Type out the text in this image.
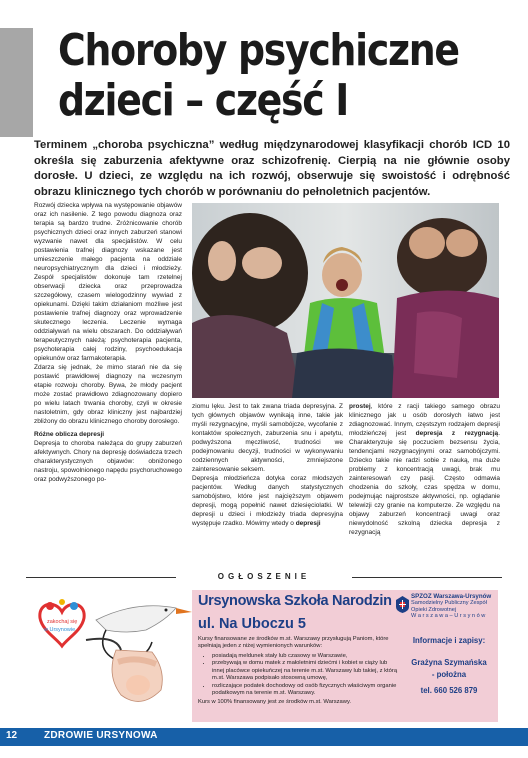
Choroby psychiczne
dzieci – część I

Terminem „choroba psychiczna” według międzynarodowej klasyfikacji chorób ICD 10 określa się zaburzenia afektywne oraz schizofrenię. Cierpią na nie głównie osoby dorosłe. U dzieci, ze względu na ich rozwój, obserwuje się swoistość i odrębność obrazu klinicznego tych chorób w porównaniu do pełnoletnich pacjentów.

Rozwój dziecka wpływa na występowanie objawów oraz ich nasilenie. Z tego powodu diagnoza oraz terapia są bardzo trudne. Zróżnicowanie chorób psychicznych dzieci oraz innych zaburzeń stanowi wyzwanie nawet dla specjalistów. W celu postawienia trafnej diagnozy wskazane jest umieszczenie małego pacjenta na oddziale neuropsychiatrycznym dla dzieci i młodzieży. Zespół specjalistów dokonuje tam rzetelnej obserwacji dziecka oraz przeprowadza szczegółowy, czasem wielogodzinny wywiad z opiekunami. Dzięki takim działaniom możliwe jest postawienie trafnej diagnozy oraz wprowadzenie skutecznego leczenia. Leczenie wymaga oddziaływań na wielu obszarach. Do oddziaływań terapeutycznych należą: psychoterapia pacjenta, psychoterapia całej rodziny, psychoedukacja opiekunów oraz farmakoterapia.

Zdarza się jednak, że mimo starań nie da się postawić prawidłowej diagnozy na wczesnym etapie rozwoju choroby. Bywa, że młody pacjent może zostać prawidłowo zdiagnozowany dopiero po wielu latach trwania choroby, czyli w okresie nastoletnim, gdy obraz kliniczny jest najbardziej zbliżony do obrazu klinicznego choroby dorosłego.

Różne oblicza depresji

Depresja to choroba należąca do grupy zaburzeń afektywnych. Chory na depresję doświadcza trzech charakterystycznych objawów: obniżonego nastroju, spowolnionego napędu psychoruchowego oraz podwyższonego po-

ziomu lęku. Jest to tak zwana triada depresyjna. Z tych głównych objawów wynikają inne, takie jak myśli rezygnacyjne, myśli samobójcze, wycofanie z kontaktów społecznych, zaburzenia snu i apetytu, podwyższona męczliwość, trudności we podejmowaniu decyzji, trudności w wykonywaniu codziennych aktywności, zmniejszone zainteresowanie seksem.

Depresja młodzieńcza dotyka coraz młodszych pacjentów. Według danych statystycznych samobójstwo, które jest najcięższym objawem depresji, mogą popełnić nawet dziesięciolatki. W depresji u dzieci i młodzieży triada depresyjna występuje rzadko. Mówimy wtedy o depresji

prostej, które z racji takiego samego obrazu klinicznego jak u osób dorosłych łatwo jest zdiagnozować. Innym, częstszym rodzajem depresji młodzieńczej jest depresja z rezygnacją. Charakteryzuje się poczuciem bezsensu życia, tendencjami rezygnacyjnymi oraz samobójczymi. Dziecko takie nie radzi sobie z nauką, ma duże problemy z koncentracją uwagi, brak mu zainteresowań czy pasji. Często odmawia chodzenia do szkoły, czas spędza w domu, podejmując najprostsze aktywności, np. oglądanie telewizji czy granie na komputerze. Ze względu na objawy zaburzeń koncentracji uwagi oraz niewydolność szkolną dziecka depresja z rezygnacją

OGŁOSZENIE
zakochaj się
w Ursynowie
Ursynowska Szkoła Narodzin
ul. Na Uboczu 5
SPZOZ Warszawa-Ursynów
Samodzielny Publiczny Zespół Opieki Zdrowotnej
W a r s z a w a – U r s y n ó w

Kursy finansowane ze środków m.st. Warszawy przysługują Paniom, które spełniają jeden z niżej wymienionych warunków:

• posiadają meldunek stały lub czasowy w Warszawie,
• przebywają w domu matek z małoletnimi dziećmi i kobiet w ciąży lub innej placówce opiekuńczej na terenie m.st. Warszawy lub takiej, z którą m.st. Warszawa podpisało stosowną umowę,
• rozliczające podatek dochodowy od osób fizycznych właściwym organie podatkowym na terenie m.st. Warszawy.

Kurs w 100% finansowany jest ze środków m.st. Warszawy.

Informacje i zapisy:
Grażyna Szymańska
- położna
tel. 660 526 879
12	ZDROWIE URSYNOWA
